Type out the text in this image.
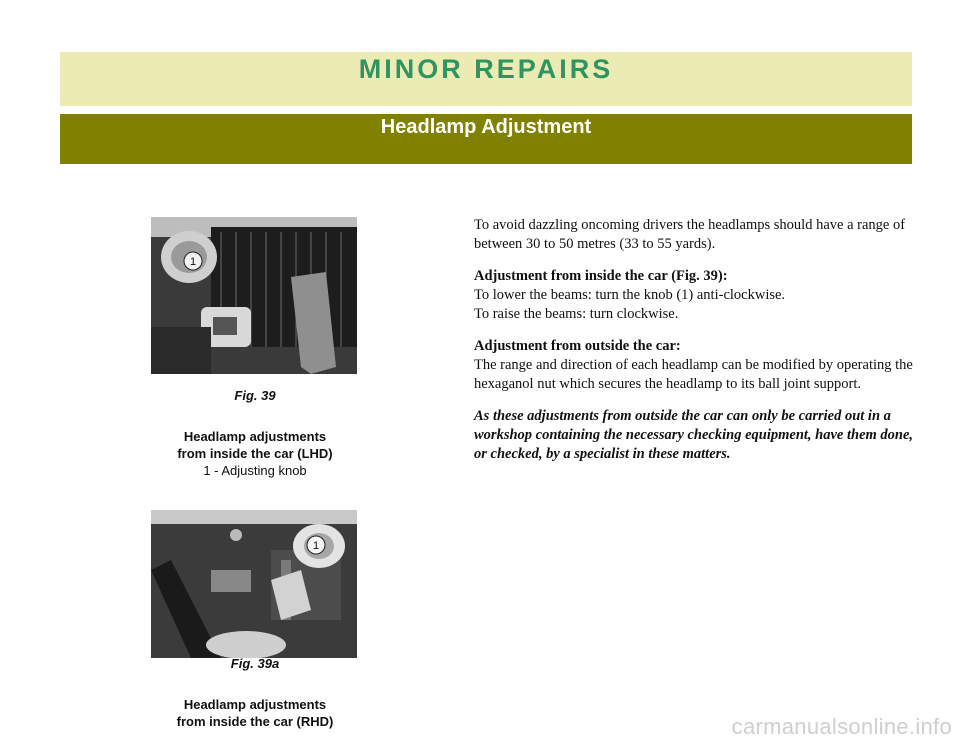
MINOR REPAIRS
Headlamp Adjustment
1
Fig. 39
Headlamp adjustments
from inside the car (LHD)
1 - Adjusting knob
1
Fig. 39a
Headlamp adjustments
from inside the car (RHD)

To avoid dazzling oncoming drivers the headlamps should have a range of between 30 to 50 metres (33 to 55 yards).

Adjustment from inside the car (Fig. 39):
To lower the beams: turn the knob (1) anti-clockwise.
To raise the beams: turn clockwise.

Adjustment from outside the car:
The range and direction of each headlamp can be modified by operating the hexaganol nut which secures the headlamp to its ball joint support.

As these adjustments from outside the car can only be carried out in a workshop containing the necessary checking equipment, have them done, or checked, by a specialist in these matters.

carmanualsonline.info
